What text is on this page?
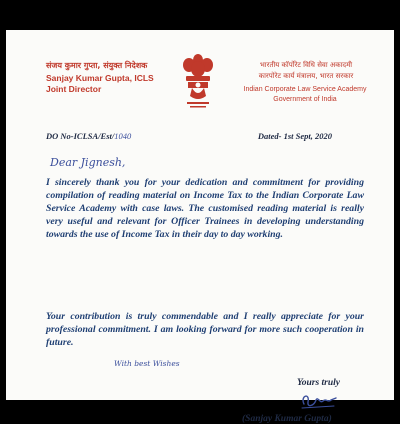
संजय कुमार गुप्ता, संयुक्त निदेशक
Sanjay Kumar Gupta, ICLS
Joint Director
भारतीय कॉर्पोरेट विधि सेवा अकादमी
कारपोरेट कार्य मंत्रालय, भारत सरकार
Indian Corporate Law Service Academy
Government of India
DO No-ICLSA/Est/1040	Dated- 1st Sept, 2020
Dear Jignesh,
I sincerely thank you for your dedication and commitment for providing compilation of reading material on Income Tax to the Indian Corporate Law Service Academy with case laws. The customised reading material is really very useful and relevant for Officer Trainees in developing understanding towards the use of Income Tax in their day to day working.
Your contribution is truly commendable and I really appreciate for your professional commitment. I am looking forward for more such cooperation in future.
With best Wishes
Yours truly
(Sanjay Kumar Gupta)
